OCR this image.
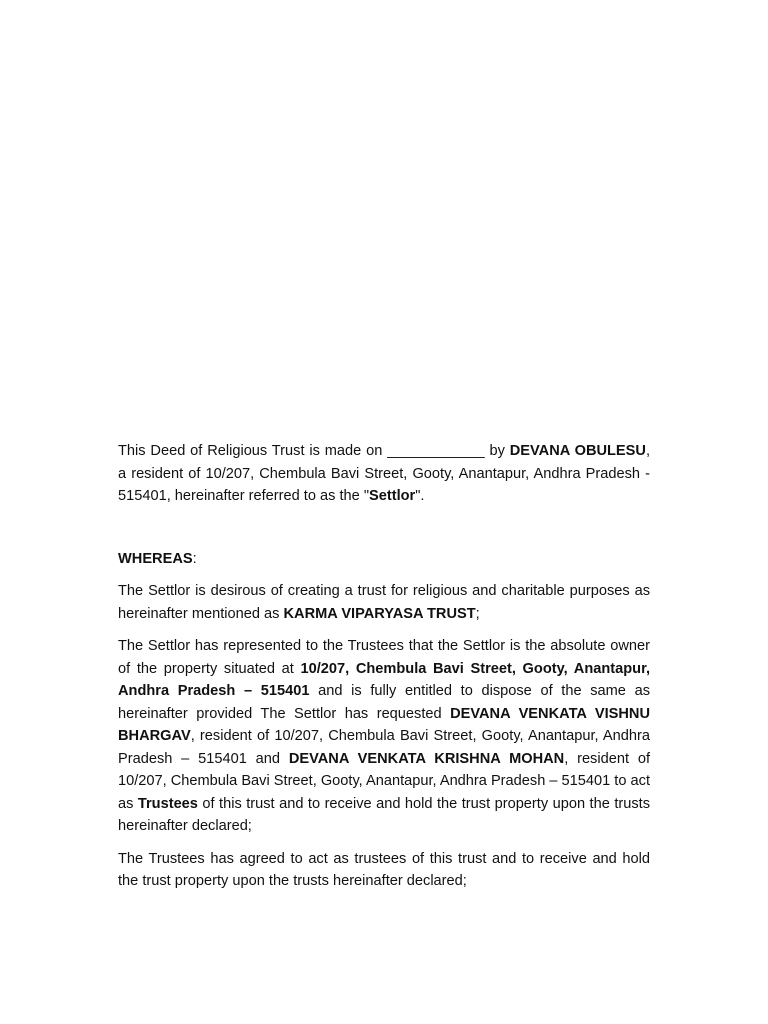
This Deed of Religious Trust is made on ____________ by DEVANA OBULESU, a resident of 10/207, Chembula Bavi Street, Gooty, Anantapur, Andhra Pradesh - 515401, hereinafter referred to as the "Settlor".

WHEREAS:

The Settlor is desirous of creating a trust for religious and charitable purposes as hereinafter mentioned as KARMA VIPARYASA TRUST;

The Settlor has represented to the Trustees that the Settlor is the absolute owner of the property situated at 10/207, Chembula Bavi Street, Gooty, Anantapur, Andhra Pradesh – 515401 and is fully entitled to dispose of the same as hereinafter provided The Settlor has requested DEVANA VENKATA VISHNU BHARGAV, resident of 10/207, Chembula Bavi Street, Gooty, Anantapur, Andhra Pradesh – 515401 and DEVANA VENKATA KRISHNA MOHAN, resident of 10/207, Chembula Bavi Street, Gooty, Anantapur, Andhra Pradesh – 515401 to act as Trustees of this trust and to receive and hold the trust property upon the trusts hereinafter declared;

The Trustees has agreed to act as trustees of this trust and to receive and hold the trust property upon the trusts hereinafter declared;
